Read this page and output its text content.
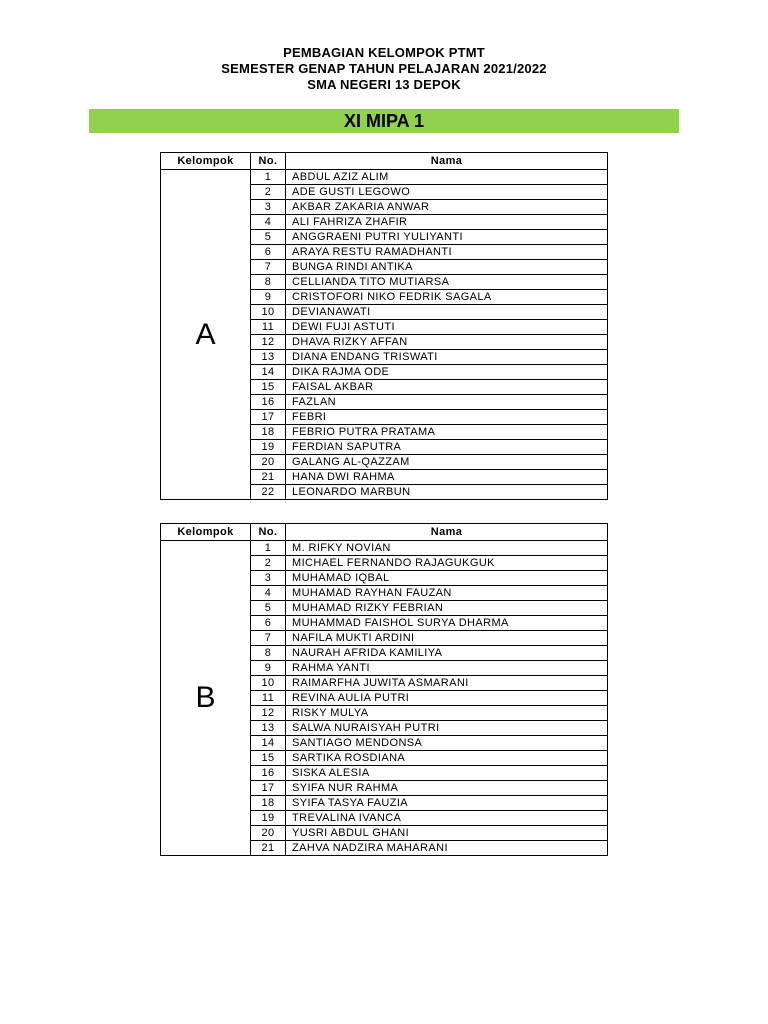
PEMBAGIAN KELOMPOK PTMT
SEMESTER GENAP TAHUN PELAJARAN 2021/2022
SMA NEGERI 13 DEPOK
XI MIPA 1
Kelompok	No.	Nama
A	1	ABDUL AZIZ ALIM
	2	ADE GUSTI LEGOWO
	3	AKBAR ZAKARIA ANWAR
	4	ALI FAHRIZA ZHAFIR
	5	ANGGRAENI PUTRI YULIYANTI
	6	ARAYA RESTU RAMADHANTI
	7	BUNGA RINDI ANTIKA
	8	CELLIANDA TITO MUTIARSA
	9	CRISTOFORI NIKO FEDRIK SAGALA
	10	DEVIANAWATI
	11	DEWI FUJI ASTUTI
	12	DHAVA RIZKY AFFAN
	13	DIANA ENDANG TRISWATI
	14	DIKA RAJMA ODE
	15	FAISAL AKBAR
	16	FAZLAN
	17	FEBRI
	18	FEBRIO PUTRA PRATAMA
	19	FERDIAN SAPUTRA
	20	GALANG AL-QAZZAM
	21	HANA DWI RAHMA
	22	LEONARDO MARBUN
Kelompok	No.	Nama
B	1	M. RIFKY NOVIAN
	2	MICHAEL FERNANDO RAJAGUKGUK
	3	MUHAMAD IQBAL
	4	MUHAMAD RAYHAN FAUZAN
	5	MUHAMAD RIZKY FEBRIAN
	6	MUHAMMAD FAISHOL SURYA DHARMA
	7	NAFILA MUKTI ARDINI
	8	NAURAH AFRIDA KAMILIYA
	9	RAHMA YANTI
	10	RAIMARFHA JUWITA ASMARANI
	11	REVINA AULIA PUTRI
	12	RISKY MULYA
	13	SALWA NURAISYAH PUTRI
	14	SANTIAGO MENDONSA
	15	SARTIKA ROSDIANA
	16	SISKA ALESIA
	17	SYIFA NUR RAHMA
	18	SYIFA TASYA FAUZIA
	19	TREVALINA IVANCA
	20	YUSRI ABDUL GHANI
	21	ZAHVA NADZIRA MAHARANI
